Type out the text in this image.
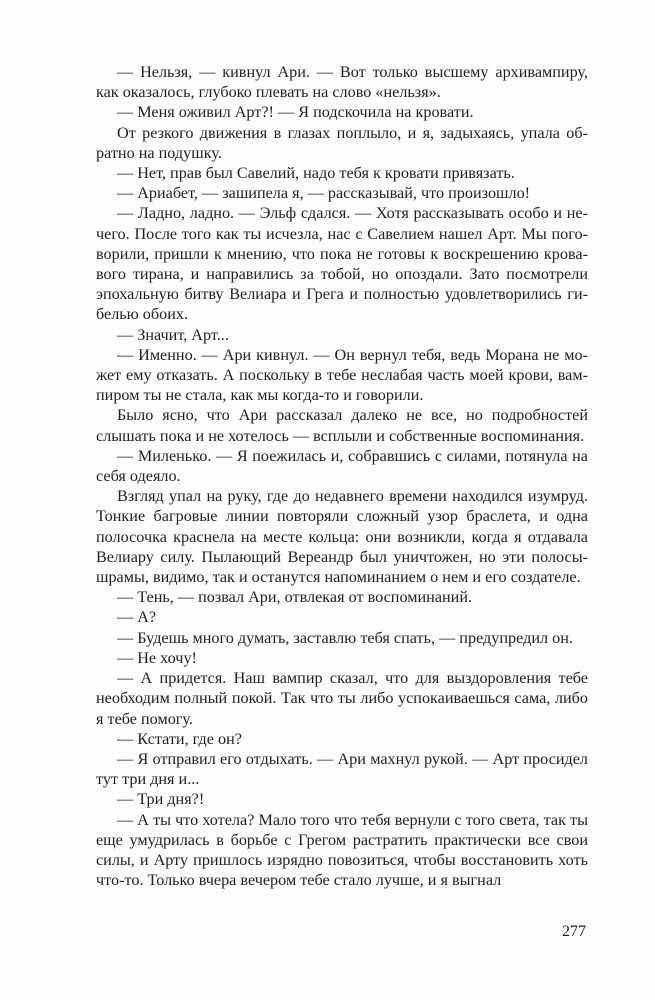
— Нельзя, — кивнул Ари. — Вот только высшему архивампиру, как оказалось, глубоко плевать на слово «нельзя».

— Меня оживил Арт?! — Я подскочила на кровати.

От резкого движения в глазах поплыло, и я, задыхаясь, упала обратно на подушку.

— Нет, прав был Савелий, надо тебя к кровати привязать.

— Ариабет, — зашипела я, — рассказывай, что произошло!

— Ладно, ладно. — Эльф сдался. — Хотя рассказывать особо и нечего. После того как ты исчезла, нас с Савелием нашел Арт. Мы поговорили, пришли к мнению, что пока не готовы к воскрешению кровавого тирана, и направились за тобой, но опоздали. Зато посмотрели эпохальную битву Велиара и Грега и полностью удовлетворились гибелью обоих.

— Значит, Арт...

— Именно. — Ари кивнул. — Он вернул тебя, ведь Морана не может ему отказать. А поскольку в тебе неслабая часть моей крови, вампиром ты не стала, как мы когда-то и говорили.

Было ясно, что Ари рассказал далеко не все, но подробностей слышать пока и не хотелось — всплыли и собственные воспоминания.

— Миленько. — Я поежилась и, собравшись с силами, потянула на себя одеяло.

Взгляд упал на руку, где до недавнего времени находился изумруд. Тонкие багровые линии повторяли сложный узор браслета, и одна полосочка краснела на месте кольца: они возникли, когда я отдавала Велиару силу. Пылающий Вереандр был уничтожен, но эти полосы-шрамы, видимо, так и останутся напоминанием о нем и его создателе.

— Тень, — позвал Ари, отвлекая от воспоминаний.

— А?

— Будешь много думать, заставлю тебя спать, — предупредил он.

— Не хочу!

— А придется. Наш вампир сказал, что для выздоровления тебе необходим полный покой. Так что ты либо успокаиваешься сама, либо я тебе помогу.

— Кстати, где он?

— Я отправил его отдыхать. — Ари махнул рукой. — Арт просидел тут три дня и...

— Три дня?!

— А ты что хотела? Мало того что тебя вернули с того света, так ты еще умудрилась в борьбе с Грегом растратить практически все свои силы, и Арту пришлось изрядно повозиться, чтобы восстановить хоть что-то. Только вчера вечером тебе стало лучше, и я выгнал

277
